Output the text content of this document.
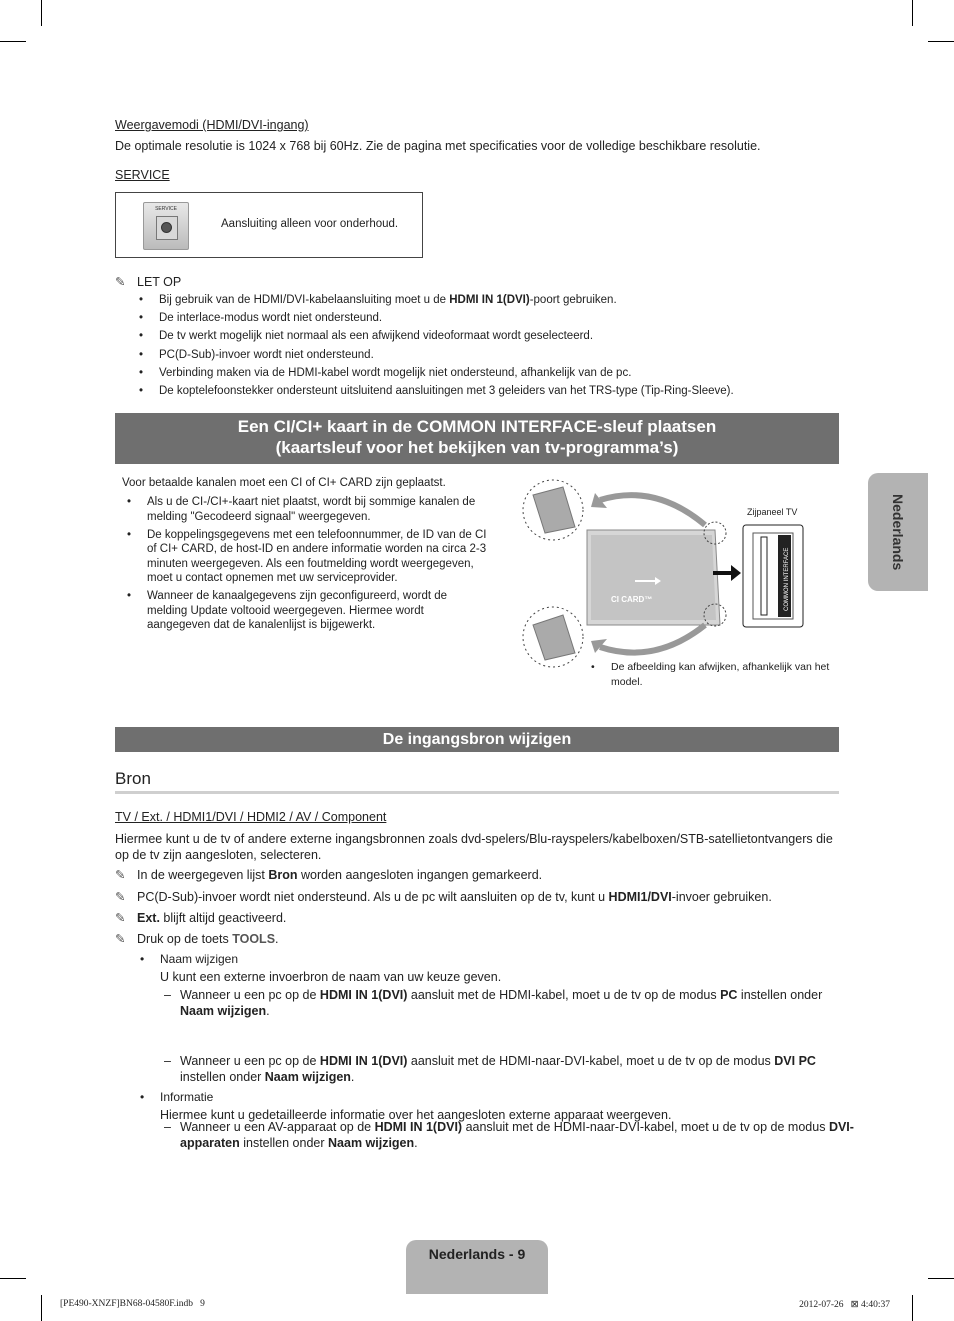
Weergavemodi (HDMI/DVI-ingang)
De optimale resolutie is 1024 x 768 bij 60Hz. Zie de pagina met specificaties voor de volledige beschikbare resolutie.
SERVICE
SERVICE
Aansluiting alleen voor onderhoud.
✎ LET OP
• Bij gebruik van de HDMI/DVI-kabelaansluiting moet u de HDMI IN 1(DVI)-poort gebruiken.
• De interlace-modus wordt niet ondersteund.
• De tv werkt mogelijk niet normaal als een afwijkend videoformaat wordt geselecteerd.
• PC(D-Sub)-invoer wordt niet ondersteund.
• Verbinding maken via de HDMI-kabel wordt mogelijk niet ondersteund, afhankelijk van de pc.
• De koptelefoonstekker ondersteunt uitsluitend aansluitingen met 3 geleiders van het TRS-type (Tip-Ring-Sleeve).
Een CI/CI+ kaart in de COMMON INTERFACE-sleuf plaatsen
(kaartsleuf voor het bekijken van tv-programma’s)
Voor betaalde kanalen moet een CI of CI+ CARD zijn geplaatst.
• Als u de CI-/CI+-kaart niet plaatst, wordt bij sommige kanalen de melding "Gecodeerd signaal" weergegeven.
• De koppelingsgegevens met een telefoonnummer, de ID van de CI of CI+ CARD, de host-ID en andere informatie worden na circa 2-3 minuten weergegeven. Als een foutmelding wordt weergegeven, moet u contact opnemen met uw serviceprovider.
• Wanneer de kanaalgegevens zijn geconfigureerd, wordt de melding Update voltooid weergegeven. Hiermee wordt aangegeven dat de kanalenlijst is bijgewerkt.
CI CARD™
Zijpaneel TV
COMMON INTERFACE
• De afbeelding kan afwijken, afhankelijk van het model.
De ingangsbron wijzigen
Bron
TV / Ext. / HDMI1/DVI / HDMI2 / AV / Component
Hiermee kunt u de tv of andere externe ingangsbronnen zoals dvd-spelers/Blu-rayspelers/kabelboxen/STB-satellietontvangers die op de tv zijn aangesloten, selecteren.
✎ In de weergegeven lijst Bron worden aangesloten ingangen gemarkeerd.
✎ PC(D-Sub)-invoer wordt niet ondersteund. Als u de pc wilt aansluiten op de tv, kunt u HDMI1/DVI-invoer gebruiken.
✎ Ext. blijft altijd geactiveerd.
✎ Druk op de toets TOOLS.
• Naam wijzigen
U kunt een externe invoerbron de naam van uw keuze geven.
– Wanneer u een pc op de HDMI IN 1(DVI) aansluit met de HDMI-kabel, moet u de tv op de modus PC instellen onder Naam wijzigen.
– Wanneer u een pc op de HDMI IN 1(DVI) aansluit met de HDMI-naar-DVI-kabel, moet u de tv op de modus DVI PC instellen onder Naam wijzigen.
– Wanneer u een AV-apparaat op de HDMI IN 1(DVI) aansluit met de HDMI-naar-DVI-kabel, moet u de tv op de modus DVI-apparaten instellen onder Naam wijzigen.
• Informatie
Hiermee kunt u gedetailleerde informatie over het aangesloten externe apparaat weergeven.
Nederlands
Nederlands - 9
[PE490-XNZF]BN68-04580F.indb   9	2012-07-26   ⊠ 4:40:37
